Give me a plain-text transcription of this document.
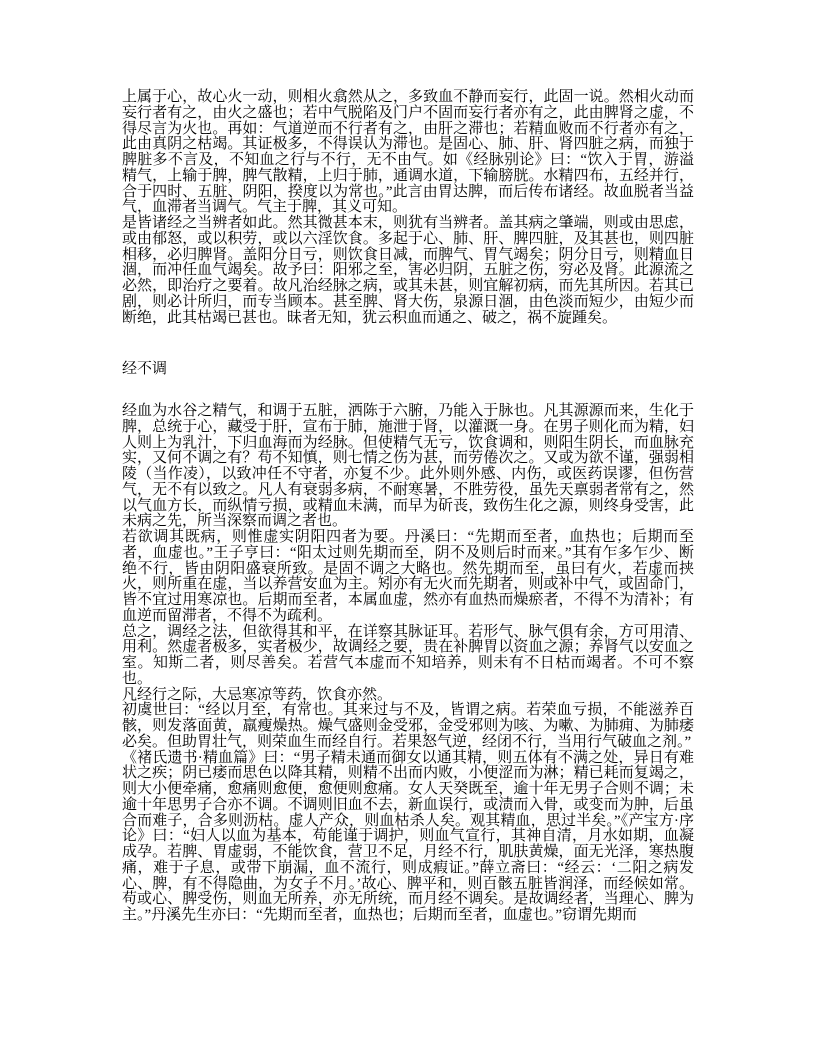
上属于心，故心火一动，则相火翕然从之，多致血不静而妄行，此固一说。然相火动而妄行者有之，由火之盛也；若中气脱陷及门户不固而妄行者亦有之，此由脾肾之虚，不得尽言为火也。再如：气道逆而不行者有之，由肝之滞也；若精血败而不行者亦有之，此由真阴之枯竭。其证极多，不得误认为滞也。是固心、肺、肝、肾四脏之病，而独于脾脏多不言及，不知血之行与不行，无不由气。如《经脉别论》曰：“饮入于胃，游溢精气，上输于脾，脾气散精，上归于肺，通调水道，下输膀胱。水精四布，五经并行，合于四时、五脏、阴阳，揆度以为常也。”此言由胃达脾，而后传布诸经。故血脱者当益气，血滞者当调气。气主于脾，其义可知。

是皆诸经之当辨者如此。然其微甚本末，则犹有当辨者。盖其病之肇端，则或由思虑，或由郁怒，或以积劳，或以六淫饮食。多起于心、肺、肝、脾四脏，及其甚也，则四脏相移，必归脾肾。盖阳分日亏，则饮食日减，而脾气、胃气竭矣；阴分日亏，则精血日涸，而冲任血气竭矣。故予曰：阳邪之至，害必归阴，五脏之伤，穷必及肾。此源流之必然，即治疗之要着。故凡治经脉之病，或其未甚，则宜解初病，而先其所因。若其已剧，则必计所归，而专当顾本。甚至脾、肾大伤，泉源日涸，由色淡而短少，由短少而断绝，此其枯竭已甚也。昧者无知，犹云积血而通之、破之，祸不旋踵矣。

经不调

经血为水谷之精气，和调于五脏，洒陈于六腑，乃能入于脉也。凡其源源而来，生化于脾，总统于心，藏受于肝，宣布于肺，施泄于肾，以灌溉一身。在男子则化而为精，妇人则上为乳汁，下归血海而为经脉。但使精气无亏，饮食调和，则阳生阴长，而血脉充实，又何不调之有？苟不知慎，则七情之伤为甚，而劳倦次之。又或为欲不谨，强弱相陵（当作凌），以致冲任不守者，亦复不少。此外则外感、内伤，或医药误谬，但伤营气，无不有以致之。凡人有衰弱多病，不耐寒暑，不胜劳役，虽先天禀弱者常有之，然以气血方长，而纵情亏损，或精血未满，而早为斫丧，致伤生化之源，则终身受害，此未病之先，所当深察而调之者也。

若欲调其既病，则惟虚实阴阳四者为要。丹溪曰：“先期而至者，血热也；后期而至者，血虚也。”王子亨曰：“阳太过则先期而至，阴不及则后时而来。”其有乍多乍少、断绝不行，皆由阴阳盛衰所致。是固不调之大略也。然先期而至，虽曰有火，若虚而挟火，则所重在虚，当以养营安血为主。矧亦有无火而先期者，则或补中气，或固命门，皆不宜过用寒凉也。后期而至者，本属血虚，然亦有血热而燥瘀者，不得不为清补；有血逆而留滞者，不得不为疏利。

总之，调经之法，但欲得其和平，在详察其脉证耳。若形气、脉气俱有余，方可用清、用利。然虚者极多，实者极少，故调经之要，贵在补脾胃以资血之源；养肾气以安血之室。知斯二者，则尽善矣。若营气本虚而不知培养，则未有不日枯而竭者。不可不察也。

凡经行之际，大忌寒凉等药，饮食亦然。

初虞世曰：“经以月至，有常也。其来过与不及，皆谓之病。若荣血亏损，不能滋养百骸，则发落面黄，羸瘦燥热。燥气盛则金受邪，金受邪则为咳、为嗽、为肺痈、为肺痿必矣。但助胃壮气，则荣血生而经自行。若果怒气逆，经闭不行，当用行气破血之剂。”

《褚氏遗书·精血篇》曰：“男子精未通而御女以通其精，则五体有不满之处，异日有难状之疾；阴已痿而思色以降其精，则精不出而内败，小便涩而为淋；精已耗而复竭之，则大小便牵痛，愈痛则愈便，愈便则愈痛。女人天癸既至，逾十年无男子合则不调；未逾十年思男子合亦不调。不调则旧血不去，新血误行，或渍而入骨，或变而为肿，后虽合而难子，合多则沥枯。虚人产众，则血枯杀人矣。观其精血，思过半矣。”《产宝方·序论》曰：“妇人以血为基本，苟能谨于调护，则血气宣行，其神自清，月水如期，血凝成孕。若脾、胃虚弱，不能饮食，营卫不足，月经不行，肌肤黄燥，面无光泽，寒热腹痛，难于子息，或带下崩漏，血不流行，则成瘕证。”薛立斋曰：“经云：‘二阳之病发心、脾，有不得隐曲，为女子不月。’故心、脾平和，则百骸五脏皆润泽，而经候如常。苟或心、脾受伤，则血无所养，亦无所统，而月经不调矣。是故调经者，当理心、脾为主。”丹溪先生亦曰：“先期而至者，血热也；后期而至者，血虚也。”窃谓先期而
